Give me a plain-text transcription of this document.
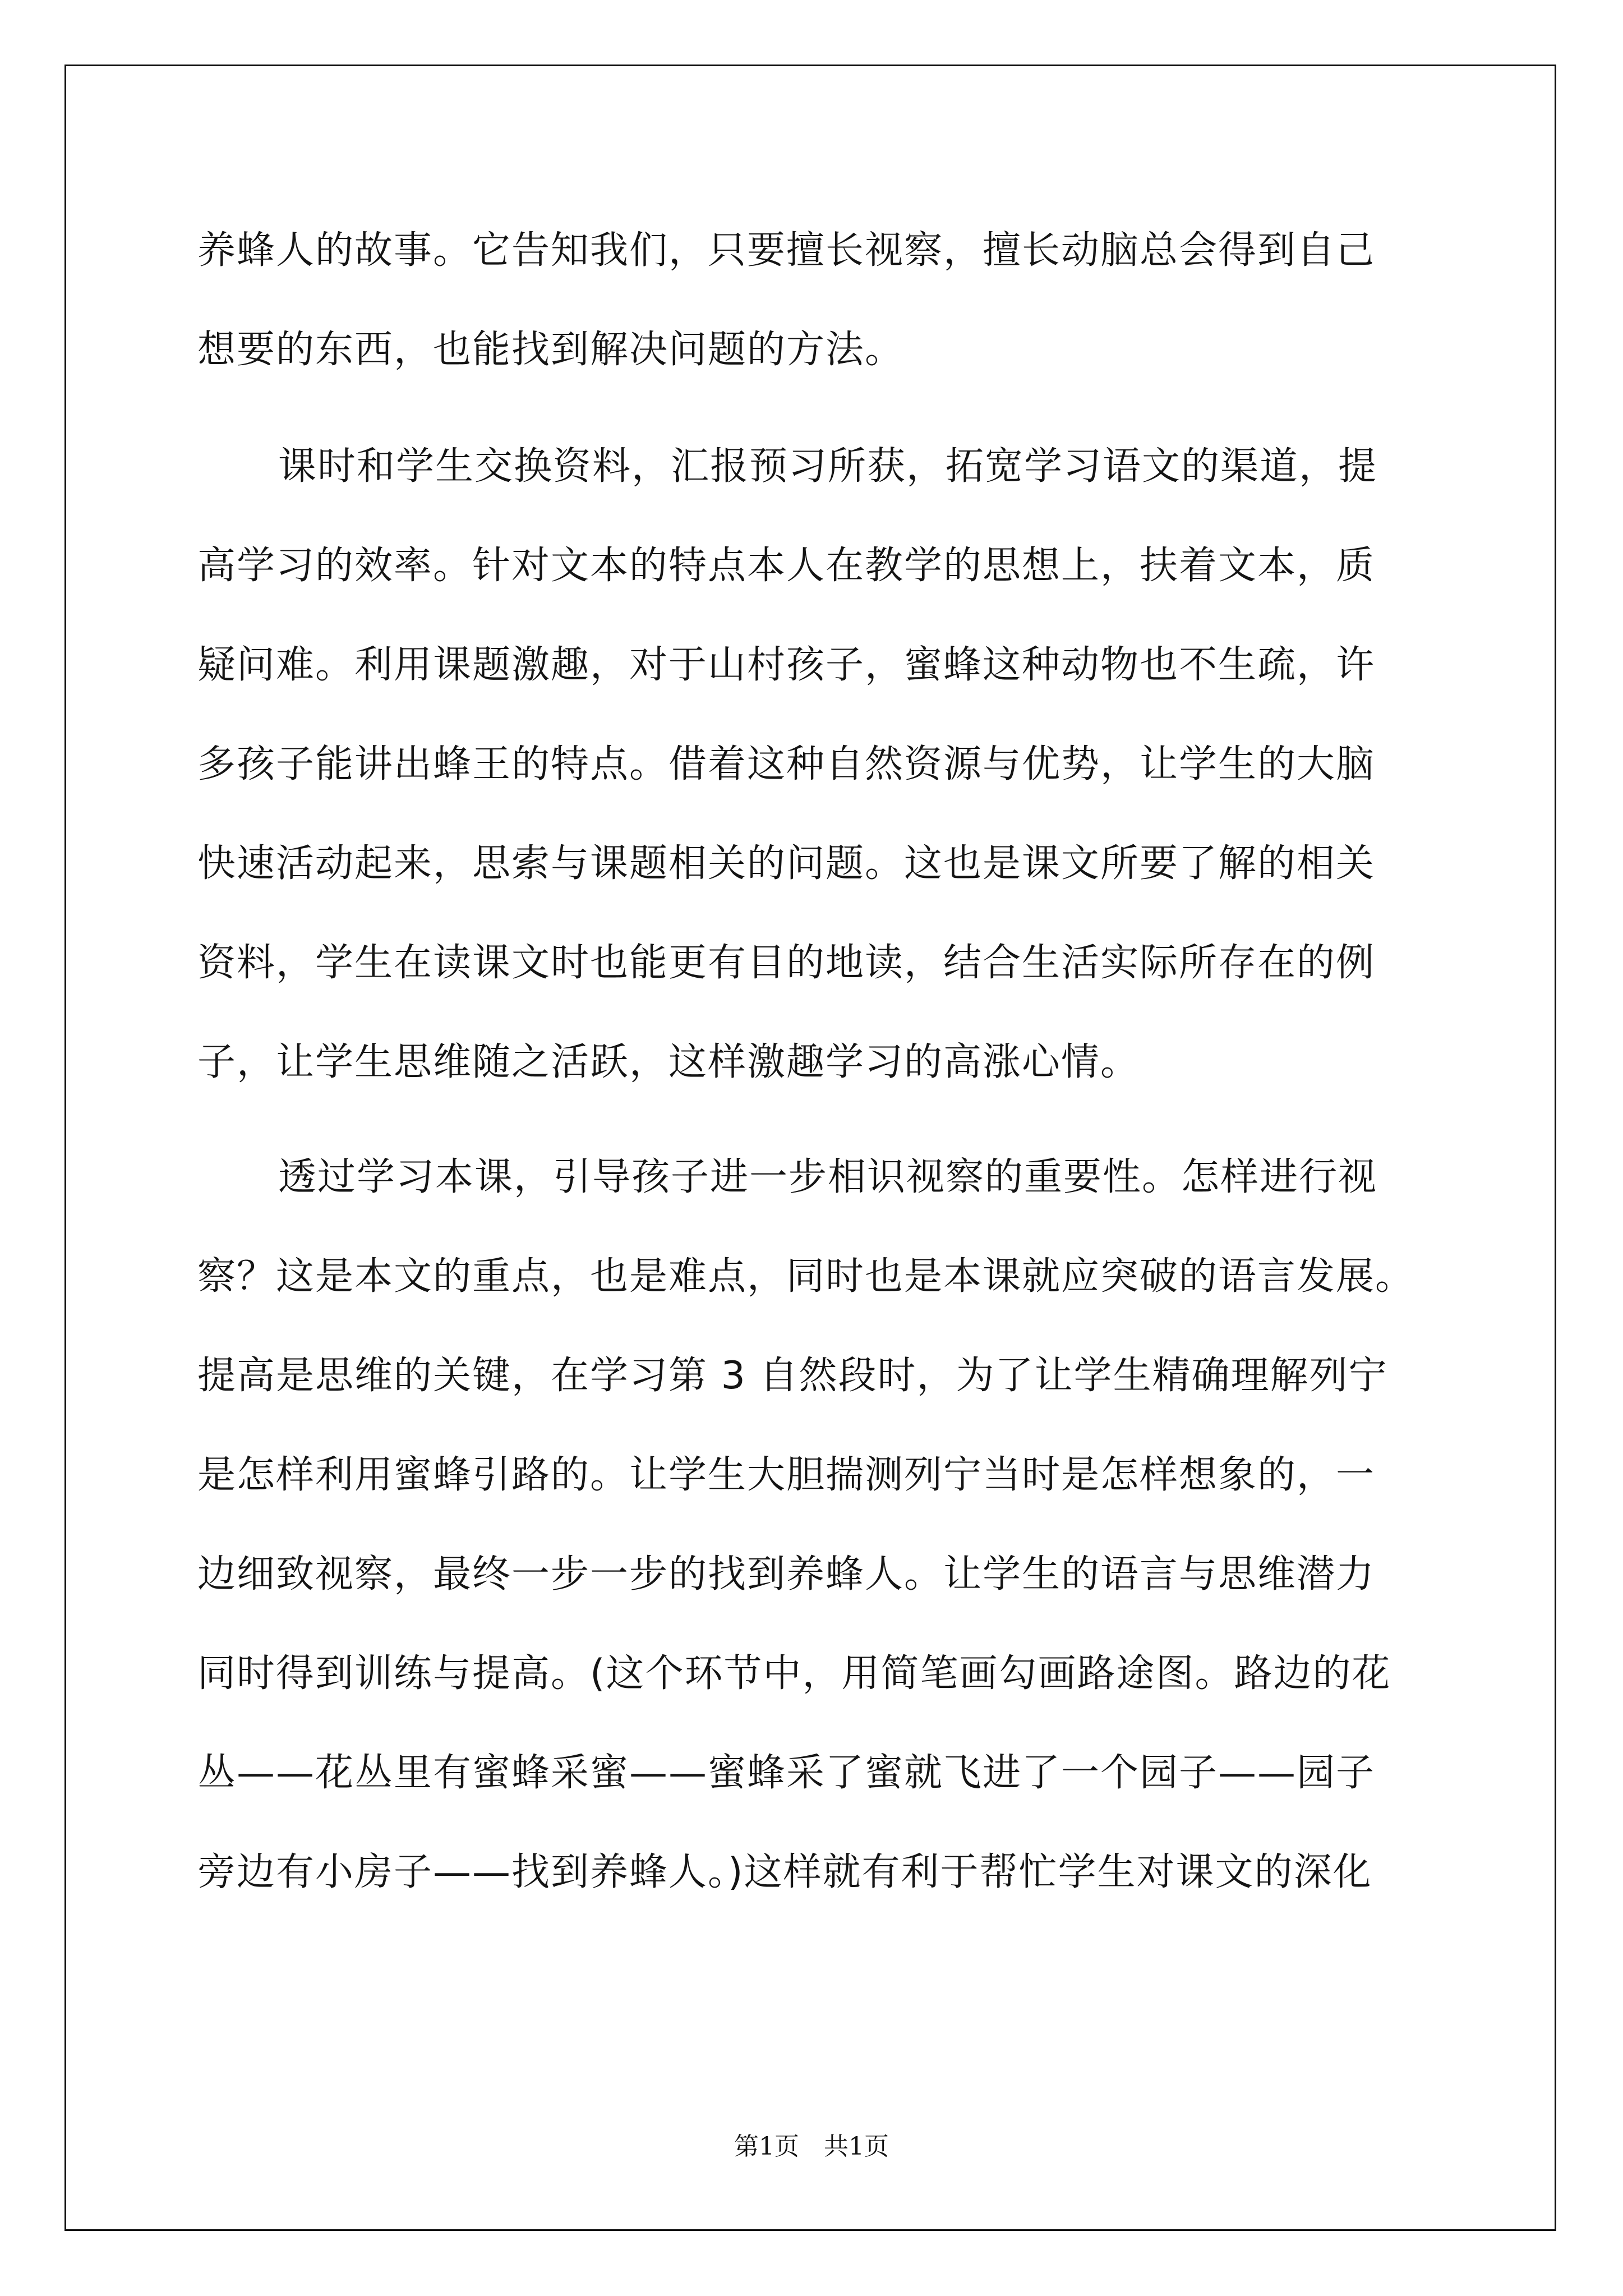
养蜂人的故事。它告知我们，只要擅长视察，擅长动脑总会得到自己
想要的东西，也能找到解决问题的方法。
课时和学生交换资料，汇报预习所获，拓宽学习语文的渠道，提
高学习的效率。针对文本的特点本人在教学的思想上，扶着文本，质
疑问难。利用课题激趣，对于山村孩子，蜜蜂这种动物也不生疏，许
多孩子能讲出蜂王的特点。借着这种自然资源与优势，让学生的大脑
快速活动起来，思索与课题相关的问题。这也是课文所要了解的相关
资料，学生在读课文时也能更有目的地读，结合生活实际所存在的例
子，让学生思维随之活跃，这样激趣学习的高涨心情。
透过学习本课，引导孩子进一步相识视察的重要性。怎样进行视
察？这是本文的重点，也是难点，同时也是本课就应突破的语言发展。
提高是思维的关键，在学习第 3 自然段时，为了让学生精确理解列宁
是怎样利用蜜蜂引路的。让学生大胆揣测列宁当时是怎样想象的，一
边细致视察，最终一步一步的找到养蜂人。让学生的语言与思维潜力
同时得到训练与提高。(这个环节中，用简笔画勾画路途图。路边的花
丛——花丛里有蜜蜂采蜜——蜜蜂采了蜜就飞进了一个园子——园子
旁边有小房子——找到养蜂人。)这样就有利于帮忙学生对课文的深化
第1页　共1页
